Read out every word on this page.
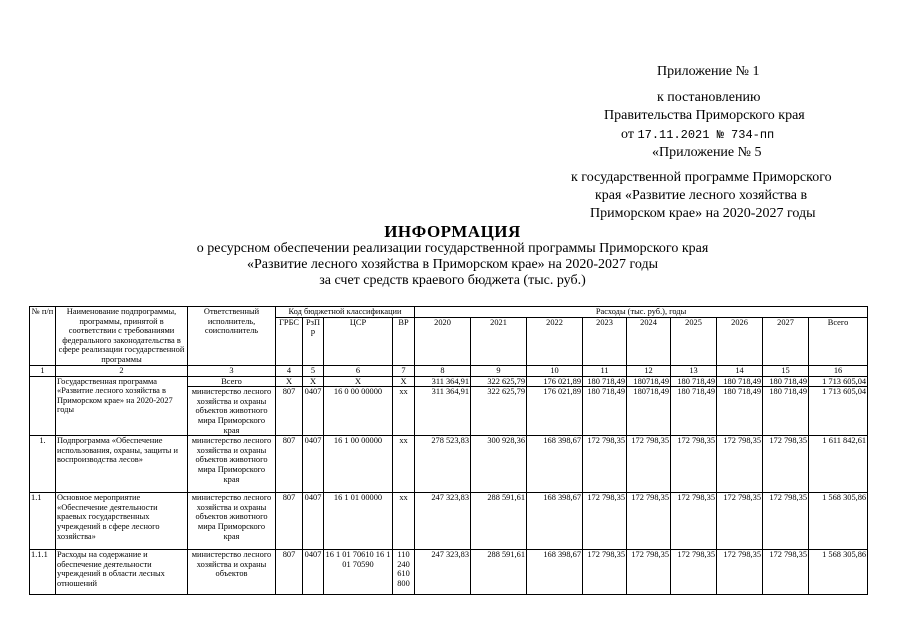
Приложение № 1
к постановлению
Правительства Приморского края
от 17.11.2021 № 734-пп
«Приложение № 5
к государственной программе Приморского
края «Развитие лесного хозяйства в
Приморском крае» на 2020-2027 годы
ИНФОРМАЦИЯ
о ресурсном обеспечении реализации государственной программы Приморского края
«Развитие лесного хозяйства в Приморском крае» на 2020-2027 годы
за счет средств краевого бюджета (тыс. руб.)
№ п/п	Наименование подпрограммы, программы, принятой в соответствии с требованиями федерального законодательства в сфере реализации государственной программы	Ответственный исполнитель, соисполнитель	Код бюджетной классификации				Расходы (тыс. руб.), годы								
			ГРБС	РзПр	ЦСР	ВР	2020	2021	2022	2023	2024	2025	2026	2027	Всего
1	2	3	4	5	6	7	8	9	10	11	12	13	14	15	16
	Государственная программа «Развитие лесного хозяйства в Приморском крае» на 2020-2027 годы	Всего	Х	Х	Х	Х	311 364,91	322 625,79	176 021,89	180 718,49	180718,49	180 718,49	180 718,49	180 718,49	1 713 605,04
		министерство лесного хозяйства и охраны объектов животного мира Приморского края	807	0407	16 0 00 00000	хх	311 364,91	322 625,79	176 021,89	180 718,49	180718,49	180 718,49	180 718,49	180 718,49	1 713 605,04
1.	Подпрограмма «Обеспечение использования, охраны, защиты и воспроизводства лесов»	министерство лесного хозяйства и охраны объектов животного мира Приморского края	807	0407	16 1 00 00000	хх	278 523,83	300 928,36	168 398,67	172 798,35	172 798,35	172 798,35	172 798,35	172 798,35	1 611 842,61
1.1	Основное мероприятие «Обеспечение деятельности краевых государственных учреждений в сфере лесного хозяйства»	министерство лесного хозяйства и охраны объектов животного мира Приморского края	807	0407	16 1 01 00000	хх	247 323,83	288 591,61	168 398,67	172 798,35	172 798,35	172 798,35	172 798,35	172 798,35	1 568 305,86
1.1.1	Расходы на содержание и обеспечение деятельности учреждений в области лесных отношений	министерство лесного хозяйства и охраны объектов	807	0407	16 1 01 70610 16 1 01 70590	110 240 610 800	247 323,83	288 591,61	168 398,67	172 798,35	172 798,35	172 798,35	172 798,35	172 798,35	1 568 305,86
